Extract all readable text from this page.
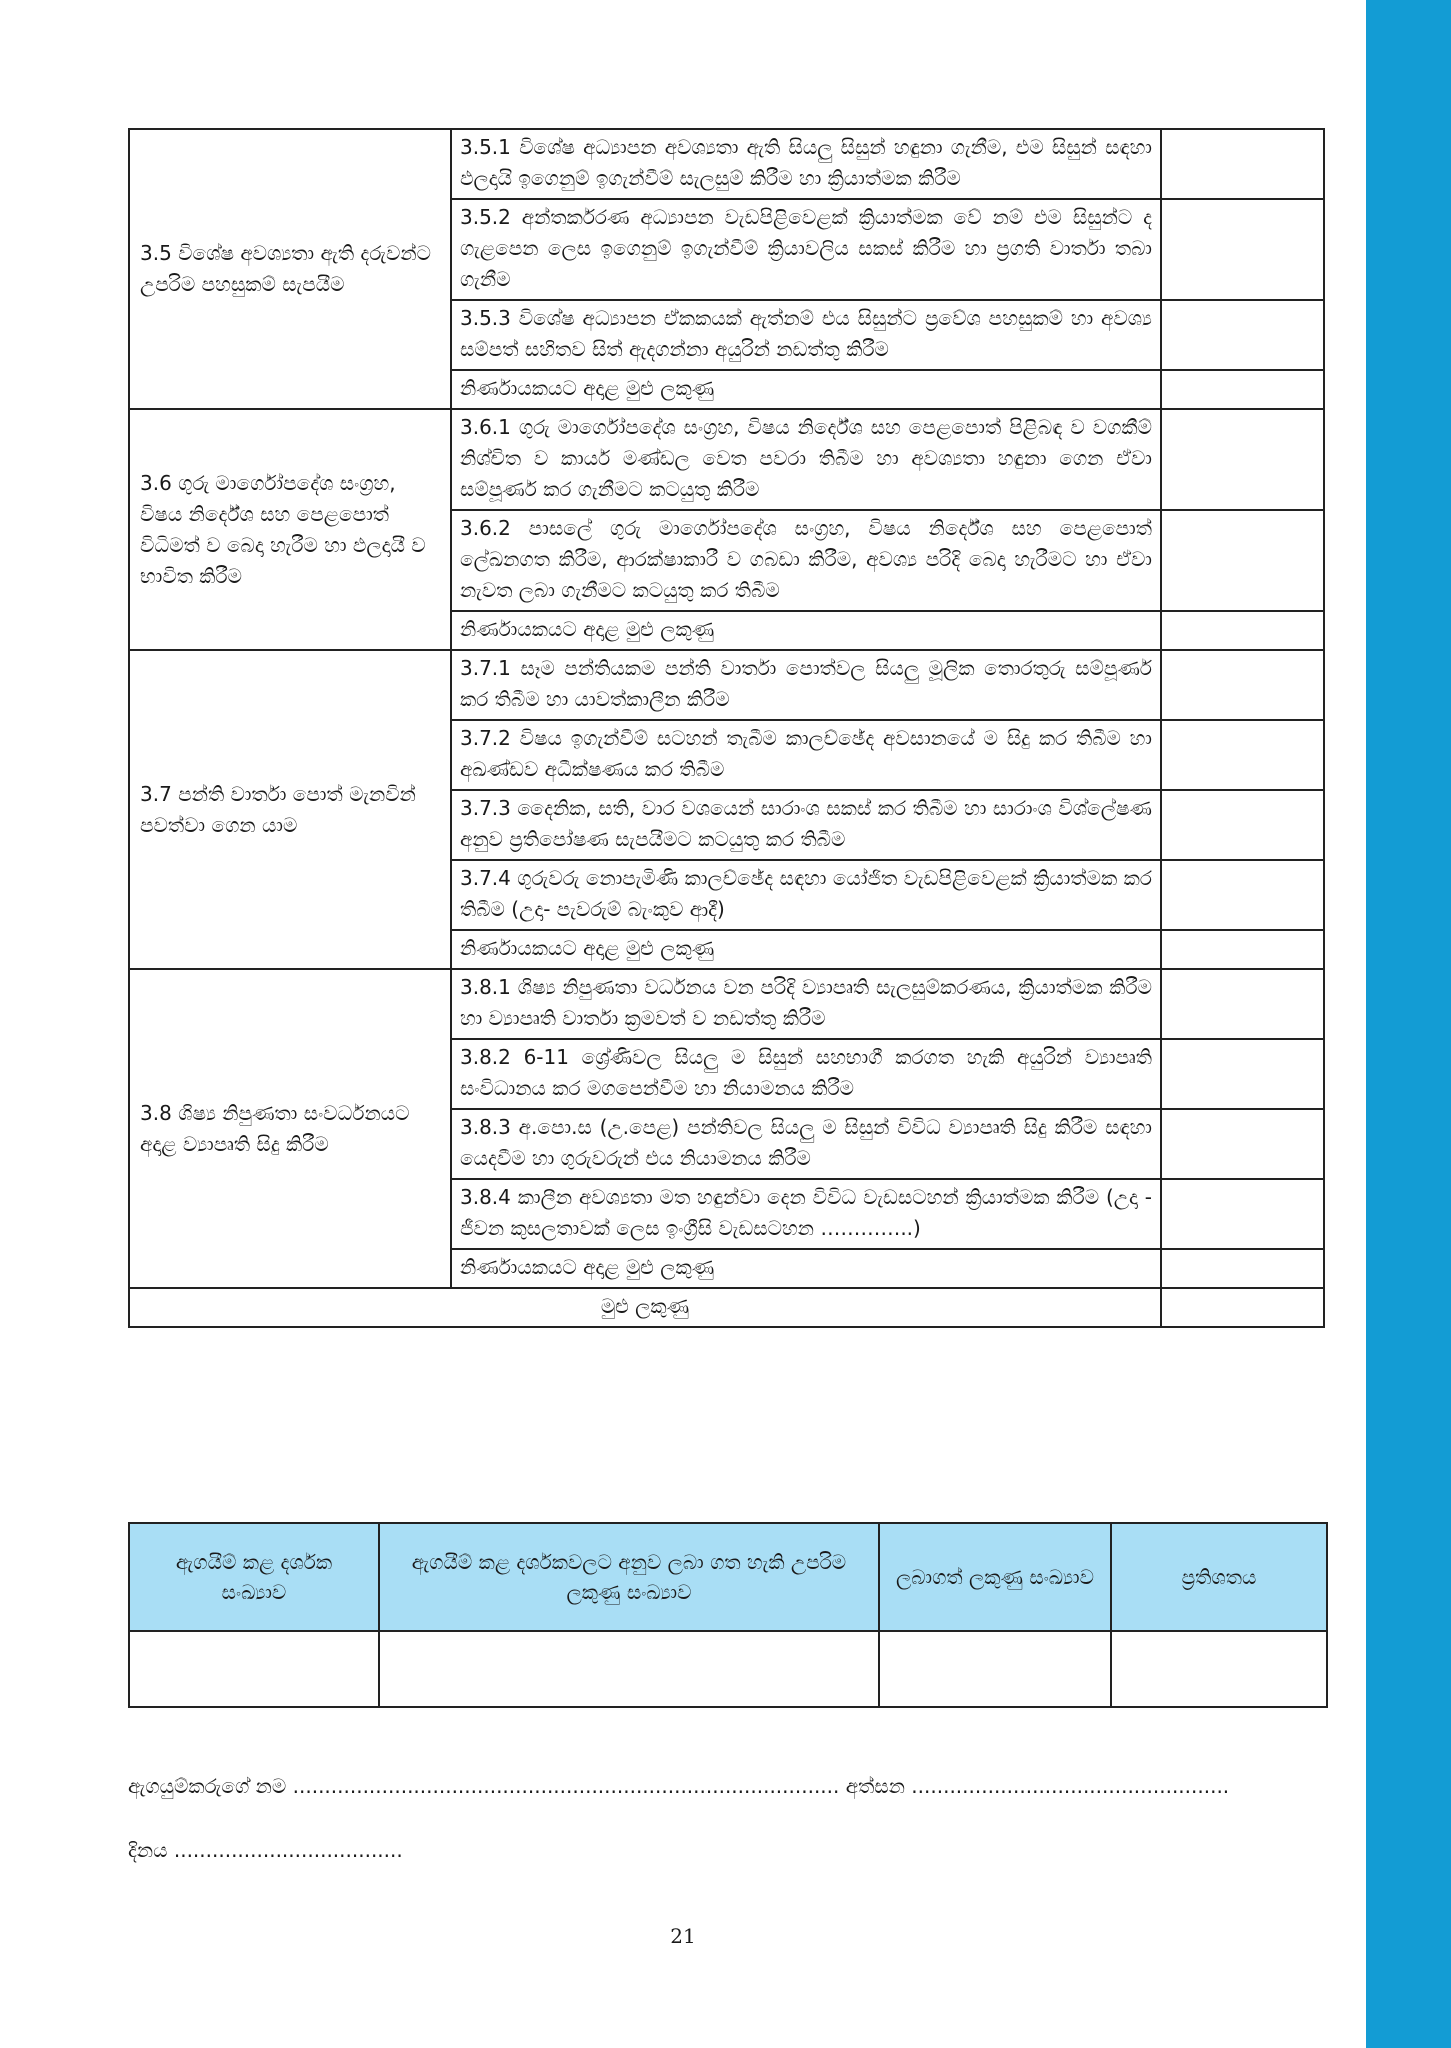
3.5 විශේෂ අවශ්‍යතා ඇති දරුවන්ට උපරිම පහසුකම් සැපයීම	3.5.1 විශේෂ අධ්‍යාපන අවශ්‍යතා ඇති සියලු සිසුන් හඳුනා ගැනීම, එම සිසුන් සඳහා ඵලදායි ඉගෙනුම් ඉගැන්වීම් සැලසුම් කිරීම හා ක්‍රියාත්මක කිරීම	
	3.5.2 අන්තර්කරණ අධ්‍යාපන වැඩපිළිවෙළක් ක්‍රියාත්මක වේ නම් එම සිසුන්ට ද ගැළපෙන ලෙස ඉගෙනුම් ඉගැන්වීම් ක්‍රියාවලිය සකස් කිරීම හා ප්‍රගති වාර්තා තබා ගැනීම	
	3.5.3 විශේෂ අධ්‍යාපන ඒකකයක් ඇත්නම් එය සිසුන්ට ප්‍රවේශ පහසුකම් හා අවශ්‍ය සම්පත් සහිතව සිත් ඇදගන්නා අයුරින් නඩත්තු කිරීම	
	නිර්ණායකයට අදාළ මුළු ලකුණු	
3.6 ගුරු මාර්ගෝපදේශ සංග්‍රහ, විෂය නිර්දේශ සහ පෙළපොත් විධිමත් ව බෙදා හැරීම හා ඵලදායී ව භාවිත කිරීම	3.6.1 ගුරු මාර්ගෝපදේශ සංග්‍රහ, විෂය නිර්දේශ සහ පෙළපොත් පිළිබඳ ව වගකීම් නිශ්චිත ව කාර්ය මණ්ඩල වෙත පවරා තිබීම හා අවශ්‍යතා හඳුනා ගෙන ඒවා සම්පූර්ණ කර ගැනීමට කටයුතු කිරීම	
	3.6.2 පාසලේ ගුරු මාර්ගෝපදේශ සංග්‍රහ, විෂය නිර්දේශ සහ පෙළපොත් ලේඛනගත කිරීම, ආරක්ෂාකාරී ව ගබඩා කිරීම, අවශ්‍ය පරිදි බෙදා හැරීමට හා ඒවා නැවත ලබා ගැනීමට කටයුතු කර තිබීම	
	නිර්ණායකයට අදාළ මුළු ලකුණු	
3.7 පන්ති වාර්තා පොත් මැනවින් පවත්වා ගෙන යාම	3.7.1 සෑම පන්තියකම පන්ති වාර්තා පොත්වල සියලු මූලික තොරතුරු සම්පූර්ණ කර තිබීම හා යාවත්කාලීන කිරීම	
	3.7.2 විෂය ඉගැන්වීම් සටහන් තැබීම කාලච්ඡේද අවසානයේ ම සිදු කර තිබීම හා අඛණ්ඩව අධීක්ෂණය කර තිබීම	
	3.7.3 දෛනික, සති, වාර වශයෙන් සාරාංශ සකස් කර තිබීම හා සාරාංශ විශ්ලේෂණ අනුව ප්‍රතිපෝෂණ සැපයීමට කටයුතු කර තිබීම	
	3.7.4 ගුරුවරු නොපැමිණි කාලච්ඡේද සඳහා යෝජිත වැඩපිළිවෙළක් ක්‍රියාත්මක කර තිබීම (උදා- පැවරුම් බැංකුව ආදී)	
	නිර්ණායකයට අදාළ මුළු ලකුණු	
3.8 ශිෂ්‍ය නිපුණතා සංවර්ධනයට අදාළ ව්‍යාපෘති සිදු කිරීම	3.8.1 ශිෂ්‍ය නිපුණතා වර්ධනය වන පරිදි ව්‍යාපෘති සැලසුම්කරණය, ක්‍රියාත්මක කිරීම හා ව්‍යාපෘති වාර්තා ක්‍රමවත් ව නඩත්තු කිරීම	
	3.8.2 6-11 ශ්‍රේණිවල සියලු ම සිසුන් සහභාගී කරගත හැකි අයුරින් ව්‍යාපෘති සංවිධානය කර මගපෙන්වීම හා නියාමනය කිරීම	
	3.8.3 අ.පො.ස (උ.පෙළ) පන්තිවල සියලු ම සිසුන් විවිධ ව්‍යාපෘති සිදු කිරීම සඳහා යෙදවීම හා ගුරුවරුන් එය නියාමනය කිරීම	
	3.8.4 කාලීන අවශ්‍යතා මත හඳුන්වා දෙන විවිධ වැඩසටහන් ක්‍රියාත්මක කිරීම (උදා - ජීවන කුසලතාවක් ලෙස ඉංග්‍රීසි වැඩසටහන …………..)	
	නිර්ණායකයට අදාළ මුළු ලකුණු	
මුළු ලකුණු		
ඇගයීම් කළ දර්ශක සංඛ්‍යාව	ඇගයීම් කළ දර්ශකවලට අනුව ලබා ගත හැකි උපරිම ලකුණු සංඛ්‍යාව	ලබාගත් ලකුණු සංඛ්‍යාව	ප්‍රතිශතය

ඇගයුම්කරුගේ නම ...................................................................................... අත්සන ..................................................
දිනය ....................................
21
